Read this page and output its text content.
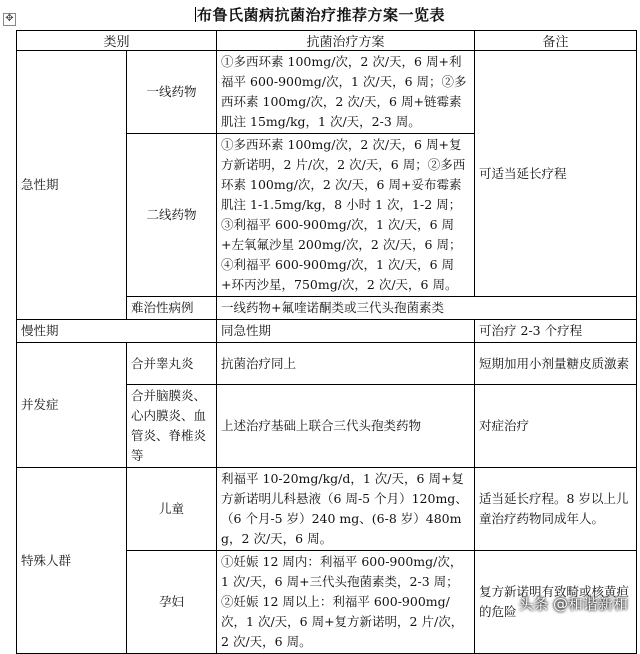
✥	布鲁氏菌病抗菌治疗推荐方案一览表
类别		抗菌治疗方案	备注
急性期	一线药物	①多西环素 100mg/次，2 次/天，6 周+利福平 600-900mg/次，1 次/天，6 周；②多西环素 100mg/次，2 次/天，6 周+链霉素肌注 15mg/kg，1 次/天，2-3 周。	可适当延长疗程
	二线药物	①多西环素 100mg/次，2 次/天，6 周+复方新诺明，2 片/次，2 次/天，6 周；②多西环素 100mg/次，2 次/天，6 周+妥布霉素肌注 1-1.5mg/kg，8 小时 1 次，1-2 周；③利福平 600-900mg/次，1 次/天，6 周+左氧氟沙星 200mg/次，2 次/天，6 周；④利福平 600-900mg/次，1 次/天，6 周+环丙沙星，750mg/次，2 次/天，6 周。	
	难治性病例	一线药物+氟喹诺酮类或三代头孢菌素类	
慢性期		同急性期	可治疗 2-3 个疗程
并发症	合并睾丸炎	抗菌治疗同上	短期加用小剂量糖皮质激素
	合并脑膜炎、心内膜炎、血管炎、脊椎炎等	上述治疗基础上联合三代头孢类药物	对症治疗
特殊人群	儿童	利福平 10-20mg/kg/d，1 次/天，6 周+复方新诺明儿科悬液（6 周-5 个月）120mg、（6 个月-5 岁）240 mg、(6-8 岁）480mg，2 次/天，6 周。	适当延长疗程。8 岁以上儿童治疗药物同成年人。
	孕妇	①妊娠 12 周内：利福平 600-900mg/次，1 次/天，6 周+三代头孢菌素类，2-3 周；②妊娠 12 周以上：利福平 600-900mg/次，1 次/天，6 周+复方新诺明，2 片/次，2 次/天，6 周。	复方新诺明有致畸或核黄疸的危险 头条 @和谐新和
